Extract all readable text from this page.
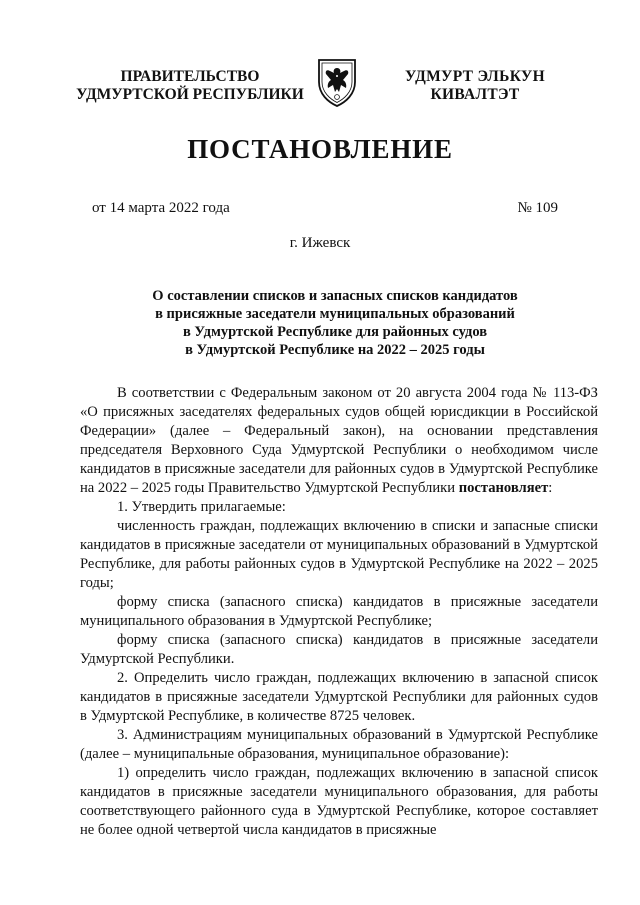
ПРАВИТЕЛЬСТВО
УДМУРТСКОЙ РЕСПУБЛИКИ
УДМУРТ ЭЛЬКУН
КИВАЛТЭТ
ПОСТАНОВЛЕНИЕ
от 14 марта 2022 года	№ 109
г. Ижевск
О составлении списков и запасных списков кандидатов
в присяжные заседатели муниципальных образований
в Удмуртской Республике для районных судов
в Удмуртской Республике на 2022 – 2025 годы

В соответствии с Федеральным законом от 20 августа 2004 года № 113-ФЗ «О присяжных заседателях федеральных судов общей юрисдикции в Российской Федерации» (далее – Федеральный закон), на основании представления председателя Верховного Суда Удмуртской Республики о необходимом числе кандидатов в присяжные заседатели для районных судов в Удмуртской Республике на 2022 – 2025 годы Правительство Удмуртской Республики постановляет:

1. Утвердить прилагаемые:

численность граждан, подлежащих включению в списки и запасные списки кандидатов в присяжные заседатели от муниципальных образований в Удмуртской Республике, для работы районных судов в Удмуртской Республике на 2022 – 2025 годы;

форму списка (запасного списка) кандидатов в присяжные заседатели муниципального образования в Удмуртской Республике;

форму списка (запасного списка) кандидатов в присяжные заседатели Удмуртской Республики.

2. Определить число граждан, подлежащих включению в запасной список кандидатов в присяжные заседатели Удмуртской Республики для районных судов в Удмуртской Республике, в количестве 8725 человек.

3. Администрациям муниципальных образований в Удмуртской Республике (далее – муниципальные образования, муниципальное образование):

1) определить число граждан, подлежащих включению в запасной список кандидатов в присяжные заседатели муниципального образования, для работы соответствующего районного суда в Удмуртской Республике, которое составляет не более одной четвертой числа кандидатов в присяжные
